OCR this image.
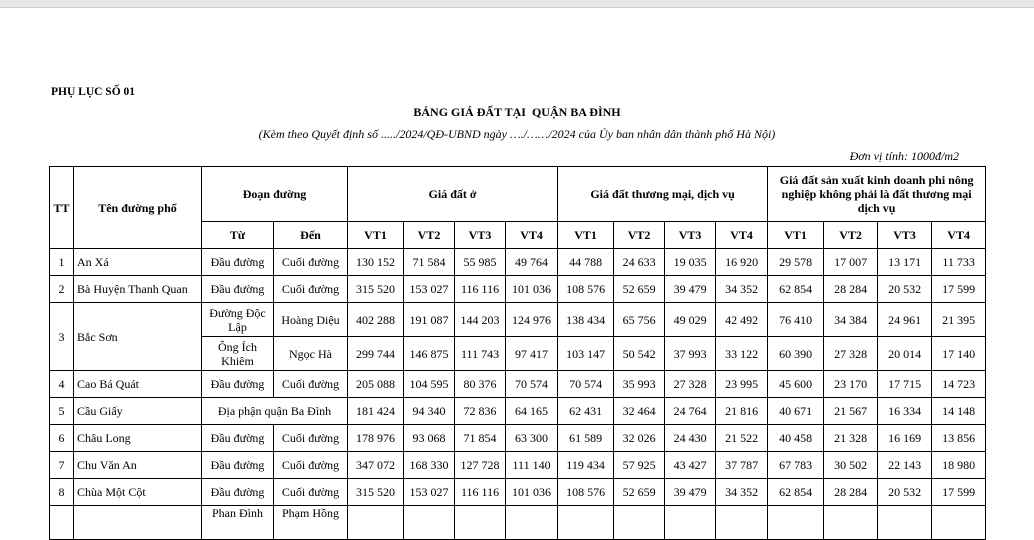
PHỤ LỤC SỐ 01
BẢNG GIÁ ĐẤT TẠI  QUẬN BA ĐÌNH
(Kèm theo Quyết định số ...../2024/QĐ-UBND ngày …./……/2024 của Ủy ban nhân dân thành phố Hà Nội)
Đơn vị tính: 1000đ/m2
TT	Tên đường phố	Đoạn đường		Giá đất ở				Giá đất thương mại, dịch vụ				Giá đất sản xuất kinh doanh phi nông nghiệp không phải là đất thương mại dịch vụ			
		Từ	Đến	VT1	VT2	VT3	VT4	VT1	VT2	VT3	VT4	VT1	VT2	VT3	VT4
1	An Xá	Đầu đường	Cuối đường	130 152	71 584	55 985	49 764	44 788	24 633	19 035	16 920	29 578	17 007	13 171	11 733
2	Bà Huyện Thanh Quan	Đầu đường	Cuối đường	315 520	153 027	116 116	101 036	108 576	52 659	39 479	34 352	62 854	28 284	20 532	17 599
3	Bắc Sơn	Đường Độc Lập	Hoàng Diệu	402 288	191 087	144 203	124 976	138 434	65 756	49 029	42 492	76 410	34 384	24 961	21 395
		Ông Ích Khiêm	Ngọc Hà	299 744	146 875	111 743	97 417	103 147	50 542	37 993	33 122	60 390	27 328	20 014	17 140
4	Cao Bá Quát	Đầu đường	Cuối đường	205 088	104 595	80 376	70 574	70 574	35 993	27 328	23 995	45 600	23 170	17 715	14 723
5	Cầu Giấy	Địa phận quận Ba Đình		181 424	94 340	72 836	64 165	62 431	32 464	24 764	21 816	40 671	21 567	16 334	14 148
6	Châu Long	Đầu đường	Cuối đường	178 976	93 068	71 854	63 300	61 589	32 026	24 430	21 522	40 458	21 328	16 169	13 856
7	Chu Văn An	Đầu đường	Cuối đường	347 072	168 330	127 728	111 140	119 434	57 925	43 427	37 787	67 783	30 502	22 143	18 980
8	Chùa Một Cột	Đầu đường	Cuối đường	315 520	153 027	116 116	101 036	108 576	52 659	39 479	34 352	62 854	28 284	20 532	17 599
		Phan Đình	Phạm Hồng												
